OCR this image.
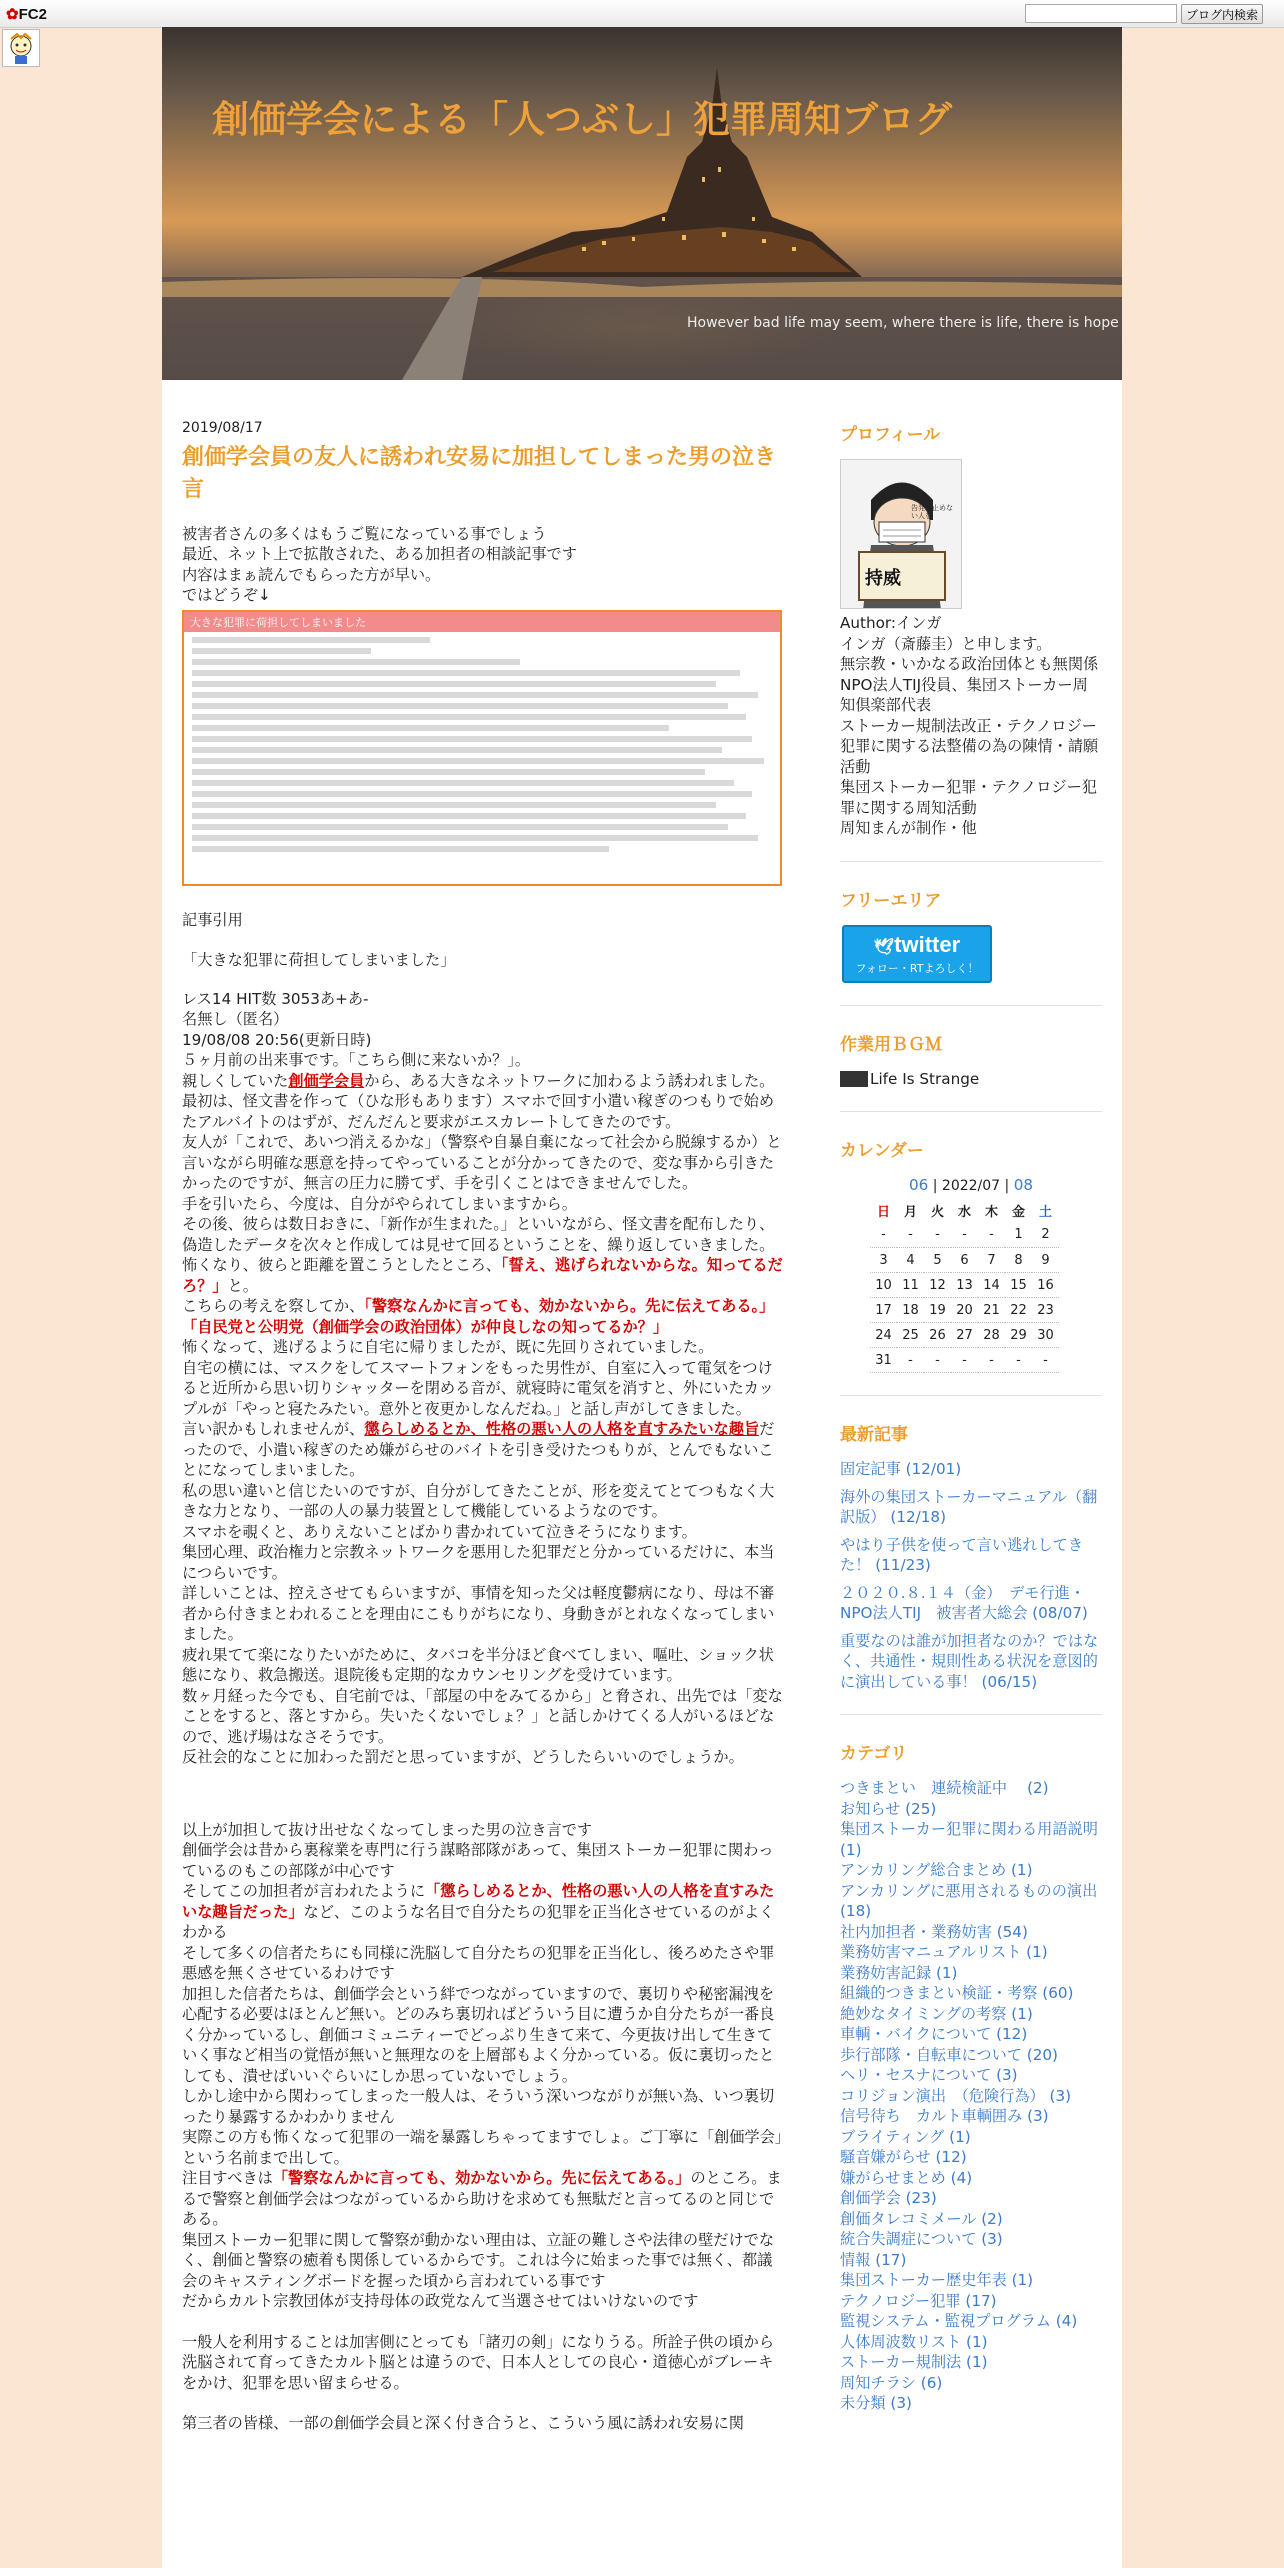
✿FC2	ブログ内検索
創価学会による「人つぶし」犯罪周知ブログ
However bad life may seem, where there is life, there is hope
2019/08/17
創価学会員の友人に誘われ安易に加担してしまった男の泣き言
被害者さんの多くはもうご覧になっている事でしょう
最近、ネット上で拡散された、ある加担者の相談記事です
内容はまぁ読んでもらった方が早い。
ではどうぞ↓
大きな犯罪に荷担してしまいました
記事引用
「大きな犯罪に荷担してしまいました」
レス14 HIT数 3053あ+あ-
名無し（匿名）
19/08/08 20:56(更新日時)
５ヶ月前の出来事です。「こちら側に来ないか？」。
親しくしていた創価学会員から、ある大きなネットワークに加わるよう誘われました。
最初は、怪文書を作って（ひな形もあります）スマホで回す小遣い稼ぎのつもりで始めたアルバイトのはずが、だんだんと要求がエスカレートしてきたのです。
友人が「これで、あいつ消えるかな」（警察や自暴自棄になって社会から脱線するか）と言いながら明確な悪意を持ってやっていることが分かってきたので、変な事から引きたかったのですが、無言の圧力に勝てず、手を引くことはできませんでした。
手を引いたら、今度は、自分がやられてしまいますから。
その後、彼らは数日おきに、「新作が生まれた。」といいながら、怪文書を配布したり、偽造したデータを次々と作成しては見せて回るということを、繰り返していきました。
怖くなり、彼らと距離を置こうとしたところ、「誓え、逃げられないからな。知ってるだろ？」と。
こちらの考えを察してか、「警察なんかに言っても、効かないから。先に伝えてある。」
「自民党と公明党（創価学会の政治団体）が仲良しなの知ってるか？」
怖くなって、逃げるように自宅に帰りましたが、既に先回りされていました。
自宅の横には、マスクをしてスマートフォンをもった男性が、自室に入って電気をつけると近所から思い切りシャッターを閉める音が、就寝時に電気を消すと、外にいたカップルが「やっと寝たみたい。意外と夜更かしなんだね。」と話し声がしてきました。
言い訳かもしれませんが、懲らしめるとか、性格の悪い人の人格を直すみたいな趣旨だったので、小遣い稼ぎのため嫌がらせのバイトを引き受けたつもりが、とんでもないことになってしまいました。
私の思い違いと信じたいのですが、自分がしてきたことが、形を変えてとてつもなく大きな力となり、一部の人の暴力装置として機能しているようなのです。
スマホを覗くと、ありえないことばかり書かれていて泣きそうになります。
集団心理、政治権力と宗教ネットワークを悪用した犯罪だと分かっているだけに、本当につらいです。
詳しいことは、控えさせてもらいますが、事情を知った父は軽度鬱病になり、母は不審者から付きまとわれることを理由にこもりがちになり、身動きがとれなくなってしまいました。
疲れ果てて楽になりたいがために、タバコを半分ほど食べてしまい、嘔吐、ショック状態になり、救急搬送。退院後も定期的なカウンセリングを受けています。
数ヶ月経った今でも、自宅前では、「部屋の中をみてるから」と脅され、出先では「変なことをすると、落とすから。失いたくないでしょ？」と話しかけてくる人がいるほどなので、逃げ場はなさそうです。
反社会的なことに加わった罰だと思っていますが、どうしたらいいのでしょうか。
以上が加担して抜け出せなくなってしまった男の泣き言です
創価学会は昔から裏稼業を専門に行う謀略部隊があって、集団ストーカー犯罪に関わっているのもこの部隊が中心です
そしてこの加担者が言われたように「懲らしめるとか、性格の悪い人の人格を直すみたいな趣旨だった」など、このような名目で自分たちの犯罪を正当化させているのがよくわかる
そして多くの信者たちにも同様に洗脳して自分たちの犯罪を正当化し、後ろめたさや罪悪感を無くさせているわけです
加担した信者たちは、創価学会という絆でつながっていますので、裏切りや秘密漏洩を心配する必要はほとんど無い。どのみち裏切ればどういう目に遭うか自分たちが一番良く分かっているし、創価コミュニティーでどっぷり生きて来て、今更抜け出して生きていく事など相当の覚悟が無いと無理なのを上層部もよく分かっている。仮に裏切ったとしても、潰せばいいぐらいにしか思っていないでしょう。
しかし途中から関わってしまった一般人は、そういう深いつながりが無い為、いつ裏切ったり暴露するかわかりません
実際この方も怖くなって犯罪の一端を暴露しちゃってますでしょ。ご丁寧に「創価学会」という名前まで出して。
注目すべきは「警察なんかに言っても、効かないから。先に伝えてある。」のところ。まるで警察と創価学会はつながっているから助けを求めても無駄だと言ってるのと同じである。
集団ストーカー犯罪に関して警察が動かない理由は、立証の難しさや法律の壁だけでなく、創価と警察の癒着も関係しているからです。これは今に始まった事では無く、都議会のキャスティングボードを握った頃から言われている事です
だからカルト宗教団体が支持母体の政党なんて当選させてはいけないのです
一般人を利用することは加害側にとっても「諸刃の剣」になりうる。所詮子供の頃から洗脳されて育ってきたカルト脳とは違うので、日本人としての良心・道徳心がブレーキをかけ、犯罪を思い留まらせる。
第三者の皆様、一部の創価学会員と深く付き合うと、こういう風に誘われ安易に関
プロフィール
告発を止めない人を
持威
Author:インガ
インガ（斎藤圭）と申します。
無宗教・いかなる政治団体とも無関係
NPO法人TIJ役員、集団ストーカー周知倶楽部代表
ストーカー規制法改正・テクノロジー犯罪に関する法整備の為の陳情・請願活動
集団ストーカー犯罪・テクノロジー犯罪に関する周知活動
周知まんが制作・他
フリーエリア
🕊twitter
フォロー・RTよろしく！
作業用ＢＧＭ
Life Is Strange
カレンダー
06 | 2022/07 | 08
日	月	火	水	木	金	土
-	-	-	-	-	1	2
3	4	5	6	7	8	9
10	11	12	13	14	15	16
17	18	19	20	21	22	23
24	25	26	27	28	29	30
31	-	-	-	-	-	-
最新記事
固定記事 (12/01)
海外の集団ストーカーマニュアル（翻訳版） (12/18)
やはり子供を使って言い逃れしてきた！ (11/23)
２０２０.８.１４（金）　デモ行進・NPO法人TIJ　被害者大総会 (08/07)
重要なのは誰が加担者なのか？ではなく、共通性・規則性ある状況を意図的に演出している事！ (06/15)
カテゴリ
つきまとい　連続検証中　 (2)
お知らせ (25)
集団ストーカー犯罪に関わる用語説明 (1)
アンカリング総合まとめ (1)
アンカリングに悪用されるものの演出 (18)
社内加担者・業務妨害 (54)
業務妨害マニュアルリスト (1)
業務妨害記録 (1)
組織的つきまとい検証・考察 (60)
絶妙なタイミングの考察 (1)
車輌・バイクについて (12)
歩行部隊・自転車について (20)
ヘリ・セスナについて (3)
コリジョン演出　（危険行為） (3)
信号待ち　カルト車輌囲み (3)
ブライティング (1)
騒音嫌がらせ (12)
嫌がらせまとめ (4)
創価学会 (23)
創価タレコミメール (2)
統合失調症について (3)
情報 (17)
集団ストーカー歴史年表 (1)
テクノロジー犯罪 (17)
監視システム・監視プログラム (4)
人体周波数リスト (1)
ストーカー規制法 (1)
周知チラシ (6)
未分類 (3)
